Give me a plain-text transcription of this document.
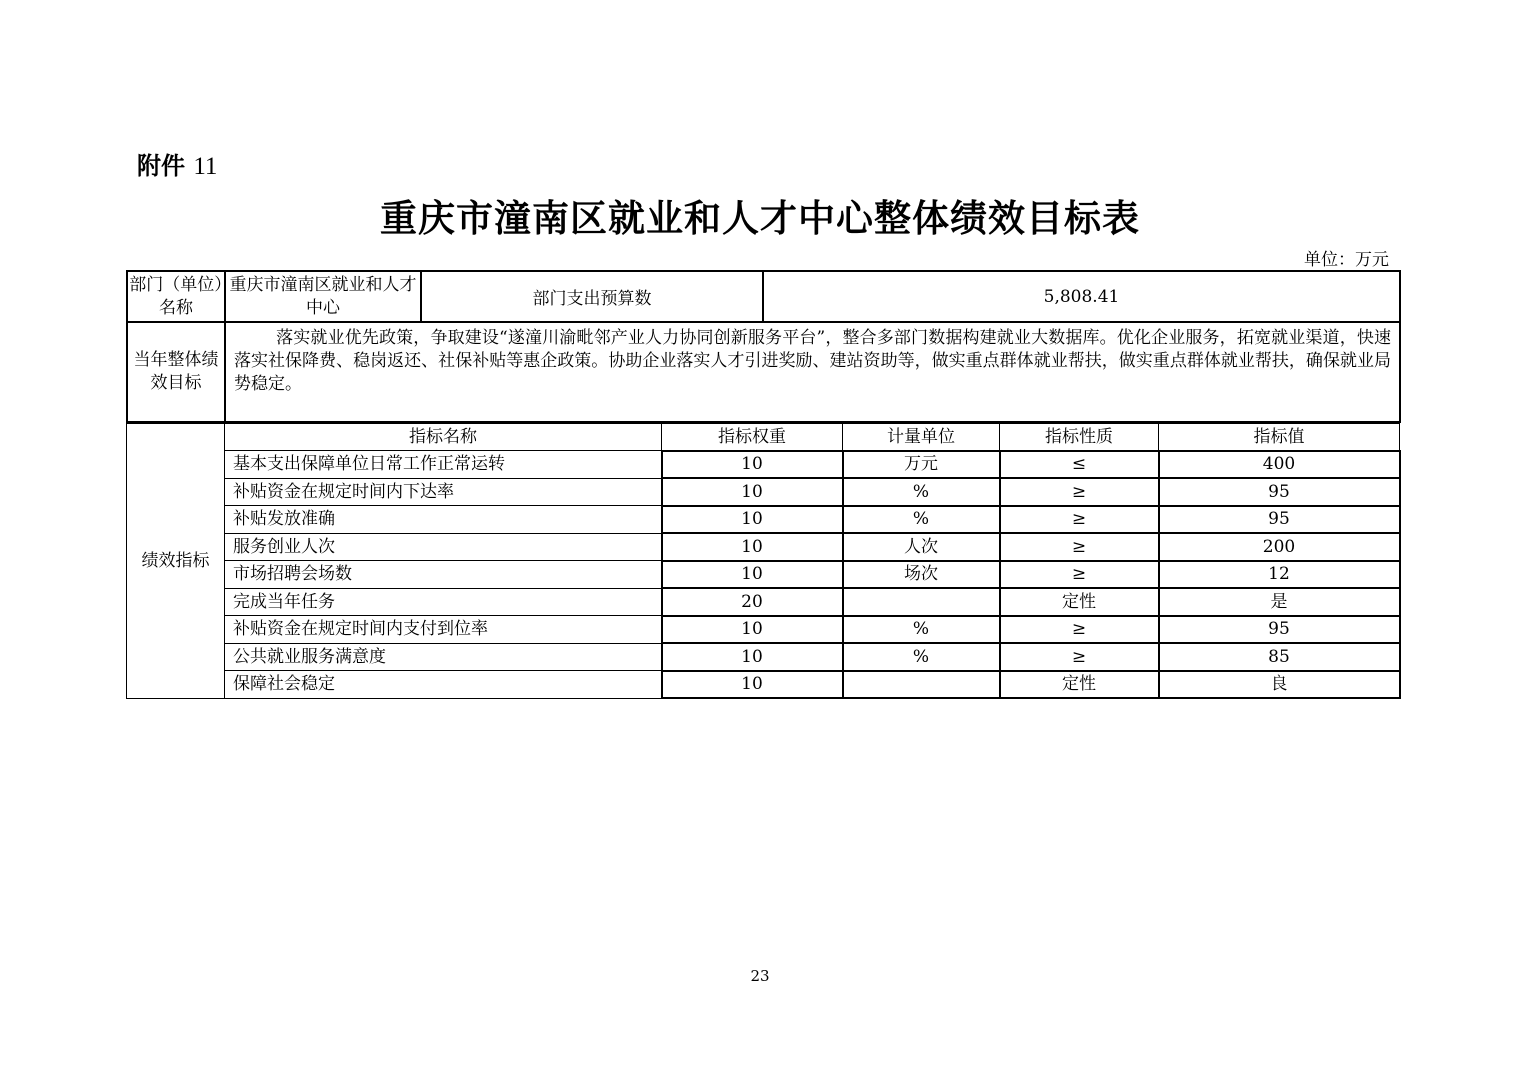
附件 11
重庆市潼南区就业和人才中心整体绩效目标表
单位：万元
部门（单位）名称	重庆市潼南区就业和人才中心	部门支出预算数	5,808.41
当年整体绩效目标	落实就业优先政策，争取建设“遂潼川渝毗邻产业人力协同创新服务平台”，整合多部门数据构建就业大数据库。优化企业服务，拓宽就业渠道，快速落实社保降费、稳岗返还、社保补贴等惠企政策。协助企业落实人才引进奖励、建站资助等，做实重点群体就业帮扶，做实重点群体就业帮扶，确保就业局势稳定。		
绩效指标	指标名称	指标权重	计量单位	指标性质	指标值
	基本支出保障单位日常工作正常运转	10	万元	≤	400
	补贴资金在规定时间内下达率	10	%	≥	95
	补贴发放准确	10	%	≥	95
	服务创业人次	10	人次	≥	200
	市场招聘会场数	10	场次	≥	12
	完成当年任务	20		定性	是
	补贴资金在规定时间内支付到位率	10	%	≥	95
	公共就业服务满意度	10	%	≥	85
	保障社会稳定	10		定性	良
23
